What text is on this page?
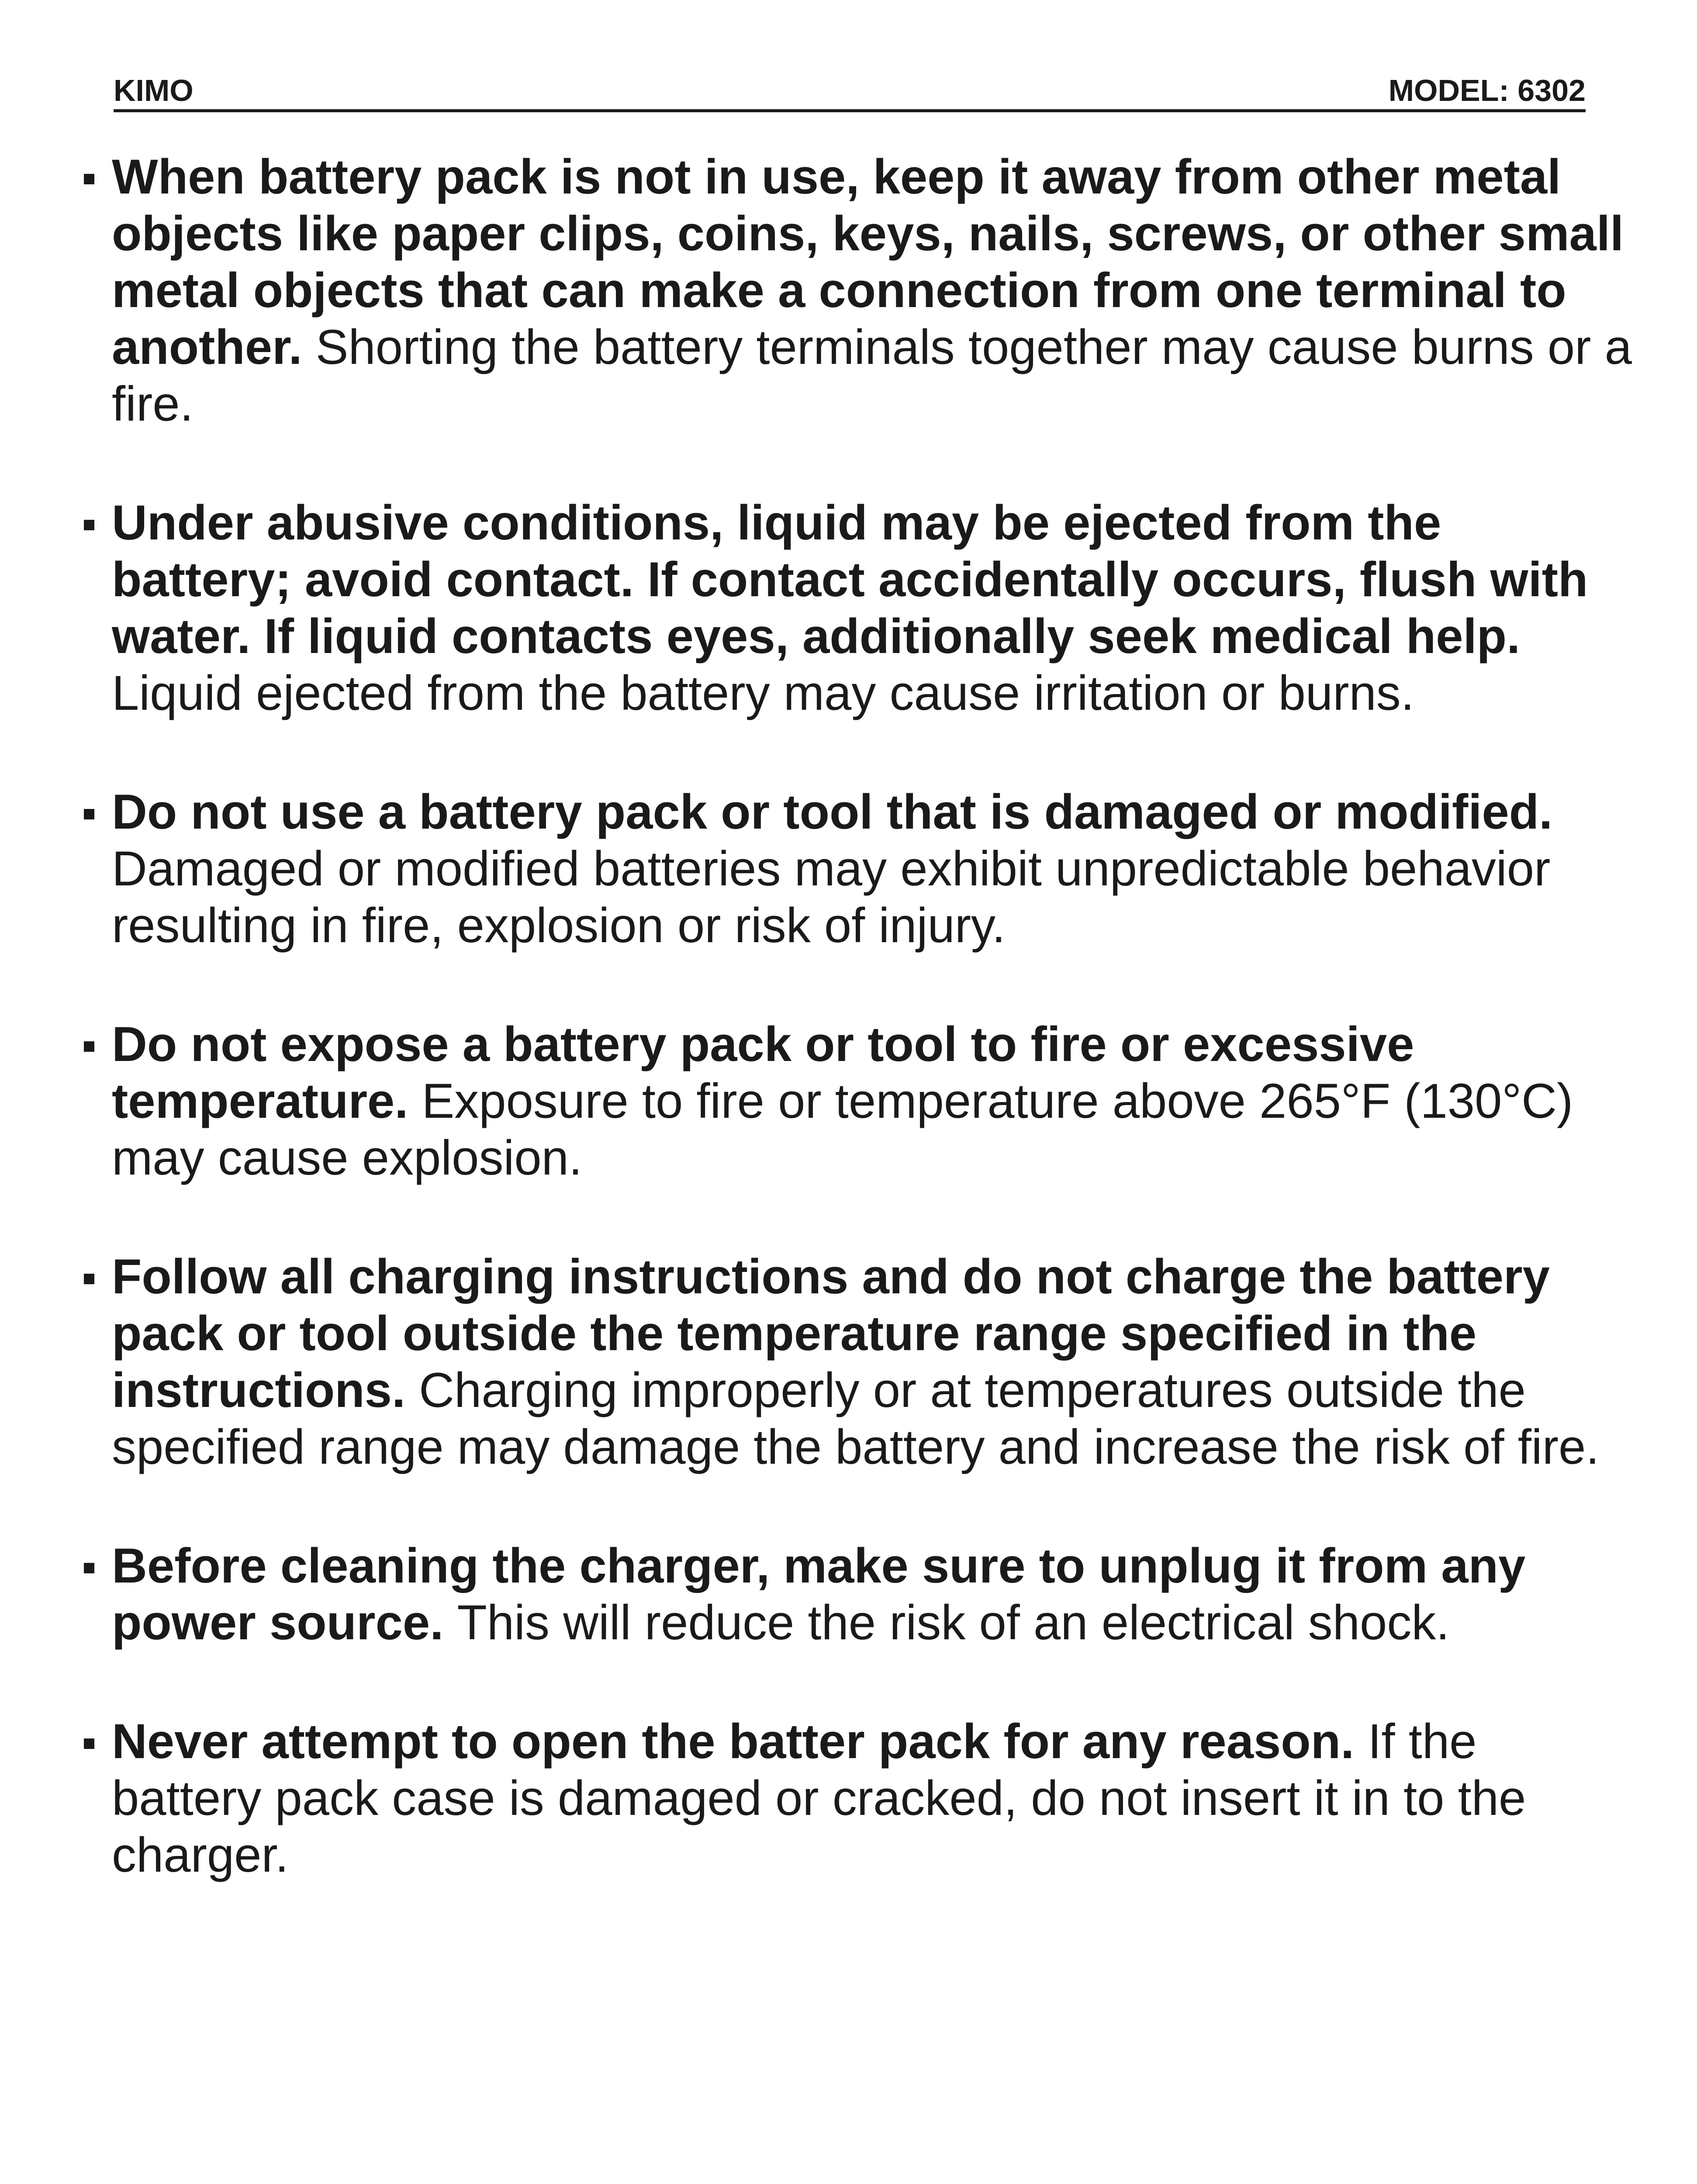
KIMO	MODEL: 6302
When battery pack is not in use, keep it away from other metal objects like paper clips, coins, keys, nails, screws, or other small metal objects that can make a connection from one terminal to another. Shorting the battery terminals together may cause burns or a fire.
Under abusive conditions, liquid may be ejected from the battery; avoid contact. If contact accidentally occurs, flush with water. If liquid contacts eyes, additionally seek medical help. Liquid ejected from the battery may cause irritation or burns.
Do not use a battery pack or tool that is damaged or modified. Damaged or modified batteries may exhibit unpredictable behavior resulting in fire, explosion or risk of injury.
Do not expose a battery pack or tool to fire or excessive temperature. Exposure to fire or temperature above 265°F (130°C) may cause explosion.
Follow all charging instructions and do not charge the battery pack or tool outside the temperature range specified in the instructions. Charging improperly or at temperatures outside the specified range may damage the battery and increase the risk of fire.
Before cleaning the charger, make sure to unplug it from any power source. This will reduce the risk of an electrical shock.
Never attempt to open the batter pack for any reason. If the battery pack case is damaged or cracked, do not insert it in to the charger.
